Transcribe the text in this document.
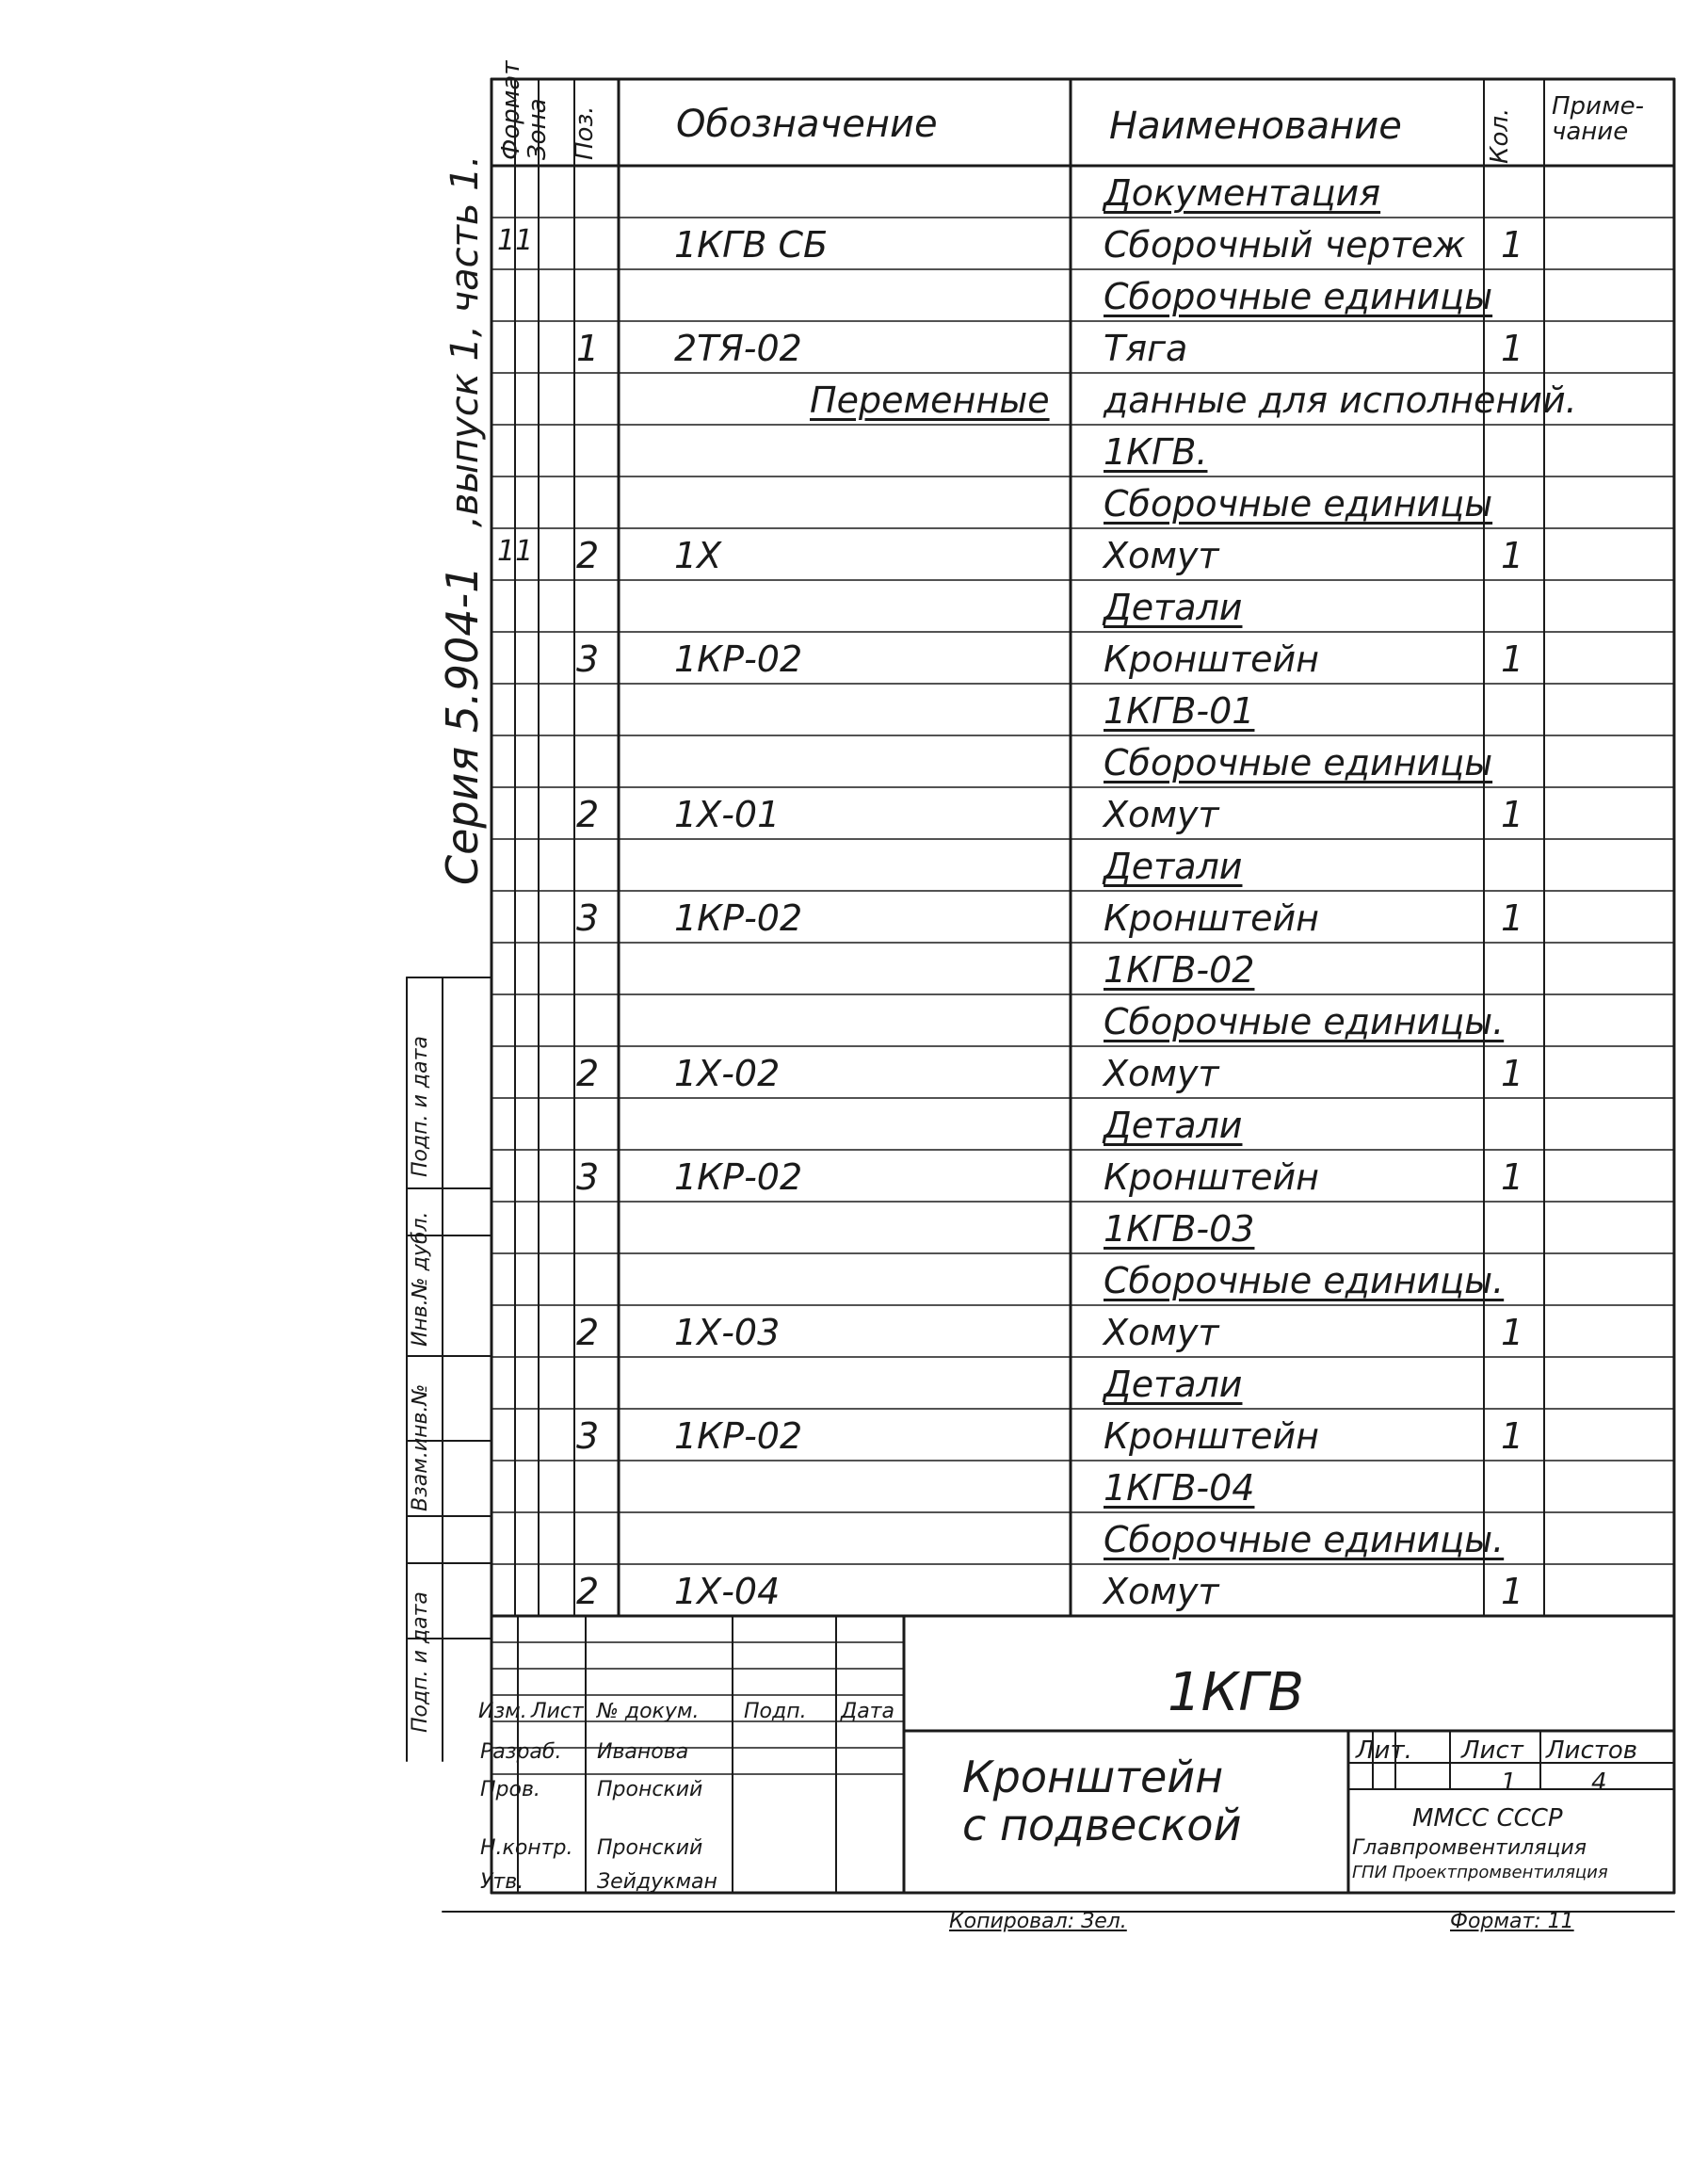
Формат
Зона Поз. Обозначение	Наименование	Кол.
Приме-
чание
Серия 5.904-1
,выпуск 1, часть 1.
Подп. и дата
Инв.№ дубл.
Взам.инв.№
Подп. и дата
Документация
11	1КГВ СБ	Сборочный чертеж 1
Сборочные единицы
1 2ТЯ-02	Тяга	1
Переменные данные для исполнений.
1КГВ.
Сборочные единицы
11 2 1Х	Хомут	1
Детали
3 1КР-02	Кронштейн	1
1КГВ-01
Сборочные единицы
2 1Х-01	Хомут	1
Детали
3 1КР-02	Кронштейн	1
1КГВ-02
Сборочные единицы.
2 1Х-02	Хомут	1
Детали
3 1КР-02	Кронштейн	1
1КГВ-03
Сборочные единицы.
2 1Х-03	Хомут	1
Детали
3 1КР-02	Кронштейн	1
1КГВ-04
Сборочные единицы.
2 1Х-04	Хомут	1
1КГВ
Кронштейн
с подвеской
Изм. Лист № докум. Подп. Дата
Разраб. Ивановa
Пров.	Пронский
Н.контр. Пронский
Утв.	Зейдукман
Лит. Лист Листов
1	4
ММСС СССР
Главпромвентиляция
ГПИ Проектпромвентиляция
Копировал: Зел.	Формат: 11
